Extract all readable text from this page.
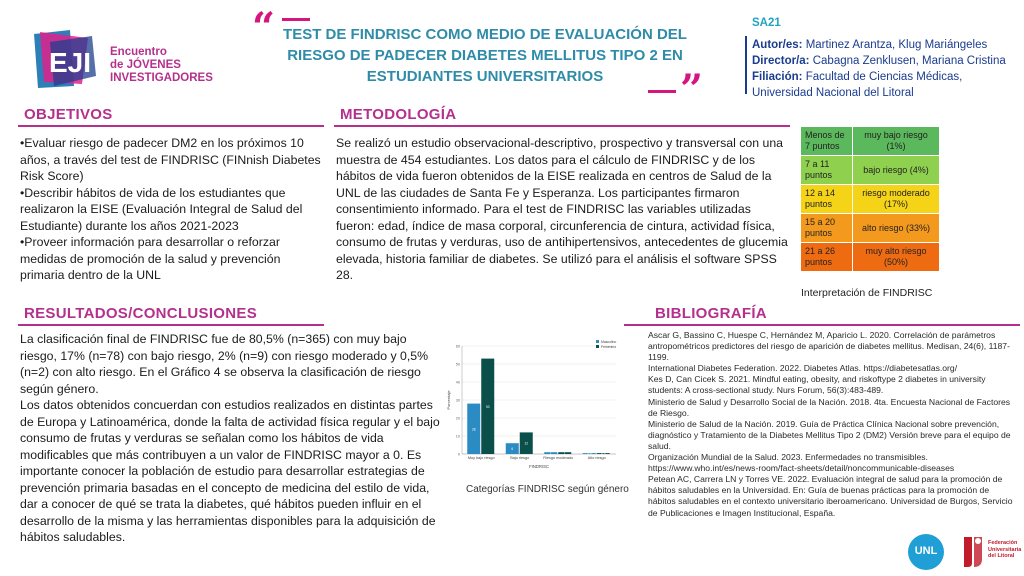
EJI Encuentro
de JÓVENES
INVESTIGADORES
“ TEST DE FINDRISC COMO MEDIO DE EVALUACIÓN DEL RIESGO DE PADECER DIABETES MELLITUS TIPO 2 EN ESTUDIANTES UNIVERSITARIOS	”
SA21
Autor/es: Martinez Arantza, Klug Mariángeles
Director/a: Cabagna Zenklusen, Mariana Cristina
Filiación: Facultad de Ciencias Médicas, Universidad Nacional del Litoral
OBJETIVOS
•Evaluar riesgo de padecer DM2 en los próximos 10 años, a través del test de FINDRISC (FINnish Diabetes Risk Score)
•Describir hábitos de vida de los estudiantes que realizaron la EISE (Evaluación Integral de Salud del Estudiante) durante los años 2021-2023
•Proveer información para desarrollar o reforzar medidas de promoción de la salud y prevención primaria dentro de la UNL
METODOLOGÍA
Se realizó un estudio observacional-descriptivo, prospectivo y transversal con una muestra de 454 estudiantes. Los datos para el cálculo de FINDRISC y de los hábitos de vida fueron obtenidos de la EISE realizada en centros de Salud de la UNL de las ciudades de Santa Fe y Esperanza. Los participantes firmaron consentimiento informado. Para el test de FINDRISC las variables utilizadas fueron: edad, índice de masa corporal, circunferencia de cintura, actividad física, consumo de frutas y verduras, uso de antihipertensivos, antecedentes de glucemia elevada, historia familiar de diabetes. Se utilizó para el análisis el software SPSS 28.
Menos de 7 puntos	muy bajo riesgo (1%)
7 a 11 puntos	bajo riesgo (4%)
12 a 14 puntos	riesgo moderado (17%)
15 a 20 puntos	alto riesgo (33%)
21 a 26 puntos	muy alto riesgo (50%)
Interpretación de FINDRISC
RESULTADOS/CONCLUSIONES
La clasificación final de FINDRISC fue de 80,5% (n=365) con muy bajo riesgo, 17% (n=78) con bajo riesgo, 2% (n=9) con riesgo moderado y 0,5% (n=2) con alto riesgo. En el Gráfico 4 se observa la clasificación de riesgo según género.
Los datos obtenidos concuerdan con estudios realizados en distintas partes de Europa y Latinoamérica, donde la falta de actividad física regular y el bajo consumo de frutas y verduras se señalan como los hábitos de vida modificables que más contribuyen a un valor de FINDRISC mayor a 0. Es importante conocer la población de estudio para desarrollar estrategias de prevención primaria basadas en el concepto de medicina del estilo de vida, dar a conocer de qué se trata la diabetes, qué hábitos pueden influir en el desarrollo de la misma y las herramientas disponibles para la adquisición de hábitos saludables.
0
10
20
30
40
50
60
Porcentaje
FINDRISC
28
53
Muy bajo riesgo
6
12
Bajo riesgo
1	1
Riesgo moderado
0.5	0.5
Alto riesgo
Masculino
Femenino
Categorías FINDRISC según género
BIBLIOGRAFÍA

Ascar G, Bassino C, Huespe C, Hernández M, Aparicio L. 2020. Correlación de parámetros antropométricos predictores del riesgo de aparición de diabetes mellitus. Medisan, 24(6), 1187-1199.

International Diabetes Federation. 2022. Diabetes Atlas. https://diabetesatlas.org/

Kes D, Can Cicek S. 2021. Mindful eating, obesity, and riskoftype 2 diabetes in university students: A cross-sectional study. Nurs Forum, 56(3):483-489.

Ministerio de Salud y Desarrollo Social de la Nación. 2018. 4ta. Encuesta Nacional de Factores de Riesgo.

Ministerio de Salud de la Nación. 2019. Guía de Práctica Clínica Nacional sobre prevención, diagnóstico y Tratamiento de la Diabetes Mellitus Tipo 2 (DM2) Versión breve para el equipo de salud.

Organización Mundial de la Salud. 2023. Enfermedades no transmisibles. https://www.who.int/es/news-room/fact-sheets/detail/noncommunicable-diseases

Petean AC, Carrera LN y Torres VE. 2022. Evaluación integral de salud para la promoción de hábitos saludables en la Universidad. En: Guía de buenas prácticas para la promoción de hábitos saludables en el contexto universitario iberoamericano. Universidad de Burgos, Servicio de Publicaciones e Imagen Institucional, España.

UNL
Federación
Universitaria
del Litoral
